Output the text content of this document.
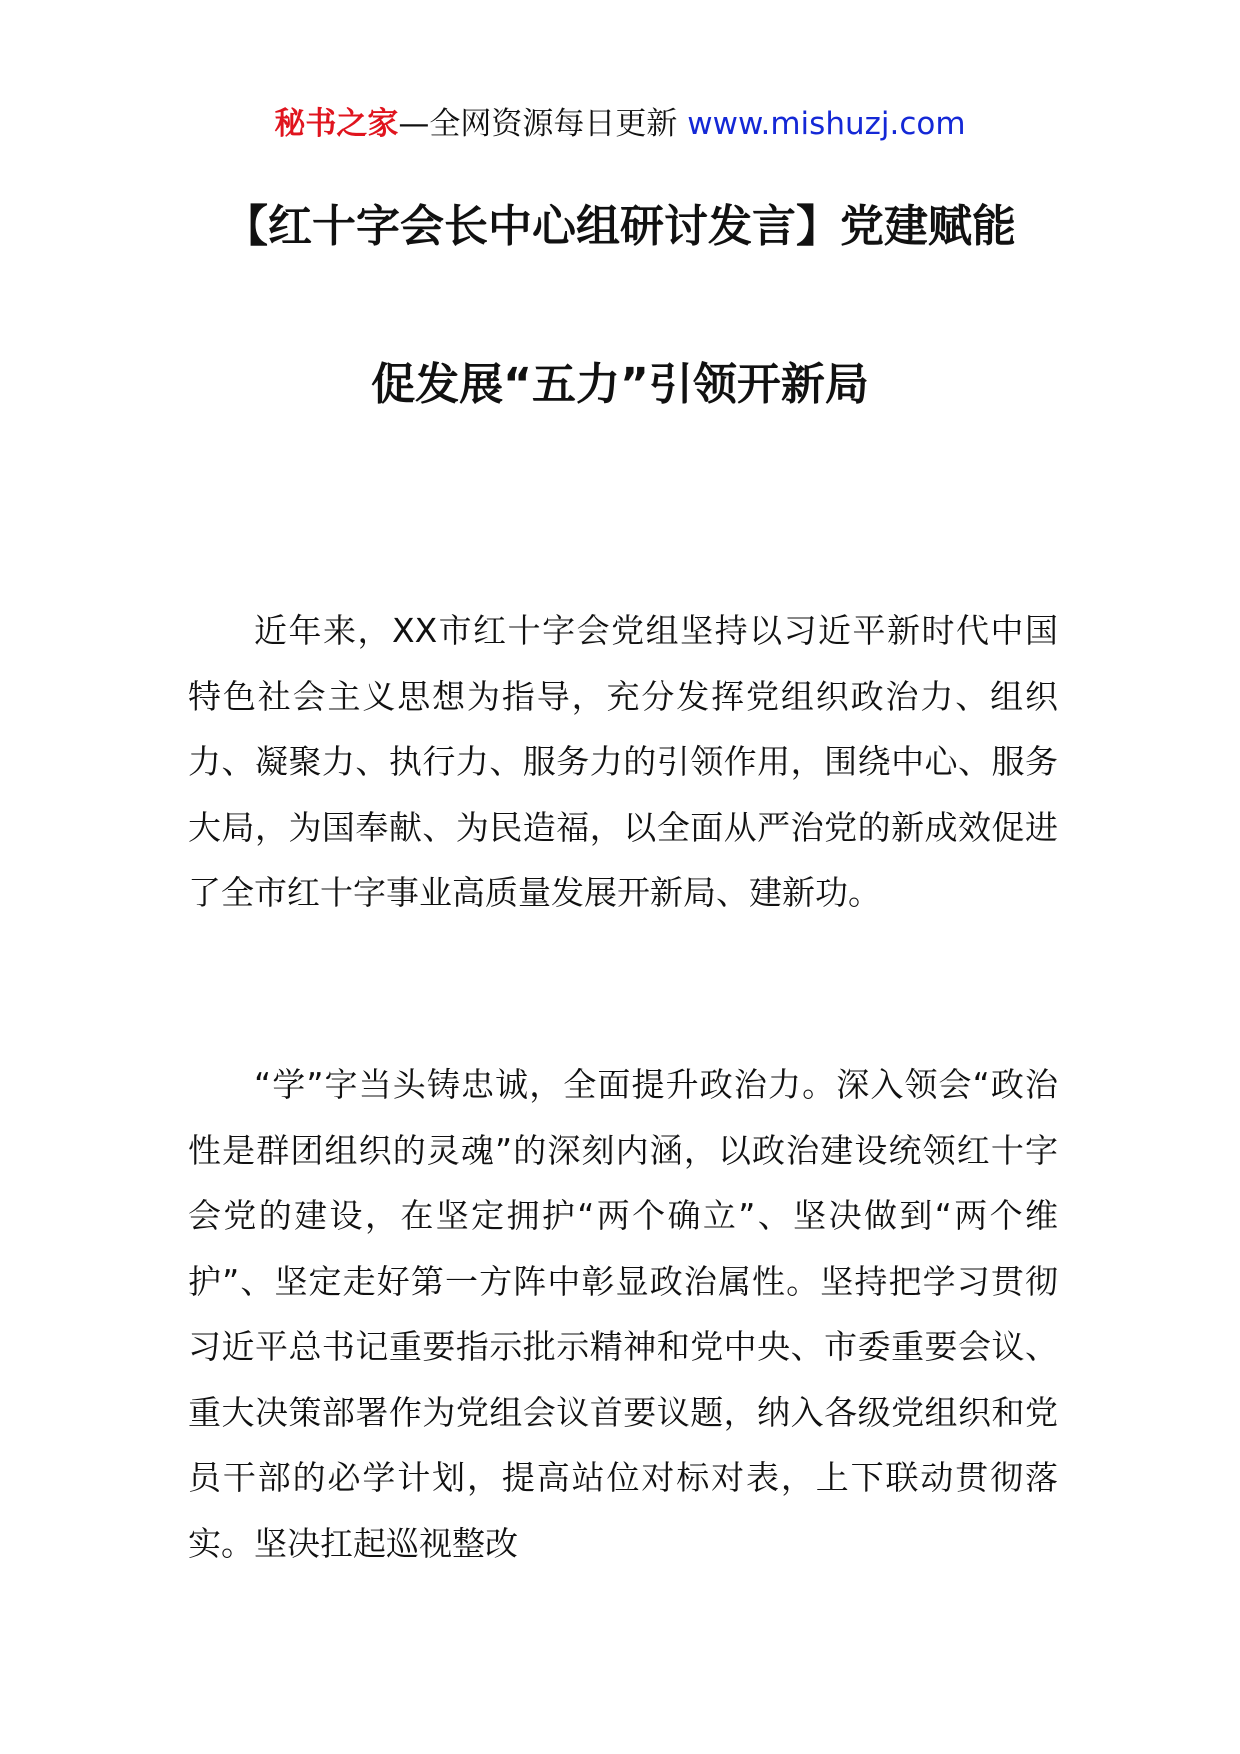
秘书之家—全网资源每日更新 www.mishuzj.com
【红十字会长中心组研讨发言】党建赋能
促发展“五力”引领开新局

近年来，XX市红十字会党组坚持以习近平新时代中国特色社会主义思想为指导，充分发挥党组织政治力、组织力、凝聚力、执行力、服务力的引领作用，围绕中心、服务大局，为国奉献、为民造福，以全面从严治党的新成效促进了全市红十字事业高质量发展开新局、建新功。

“学”字当头铸忠诚，全面提升政治力。深入领会“政治性是群团组织的灵魂”的深刻内涵，以政治建设统领红十字会党的建设，在坚定拥护“两个确立”、坚决做到“两个维护”、坚定走好第一方阵中彰显政治属性。坚持把学习贯彻习近平总书记重要指示批示精神和党中央、市委重要会议、重大决策部署作为党组会议首要议题，纳入各级党组织和党员干部的必学计划，提高站位对标对表，上下联动贯彻落实。坚决扛起巡视整改
